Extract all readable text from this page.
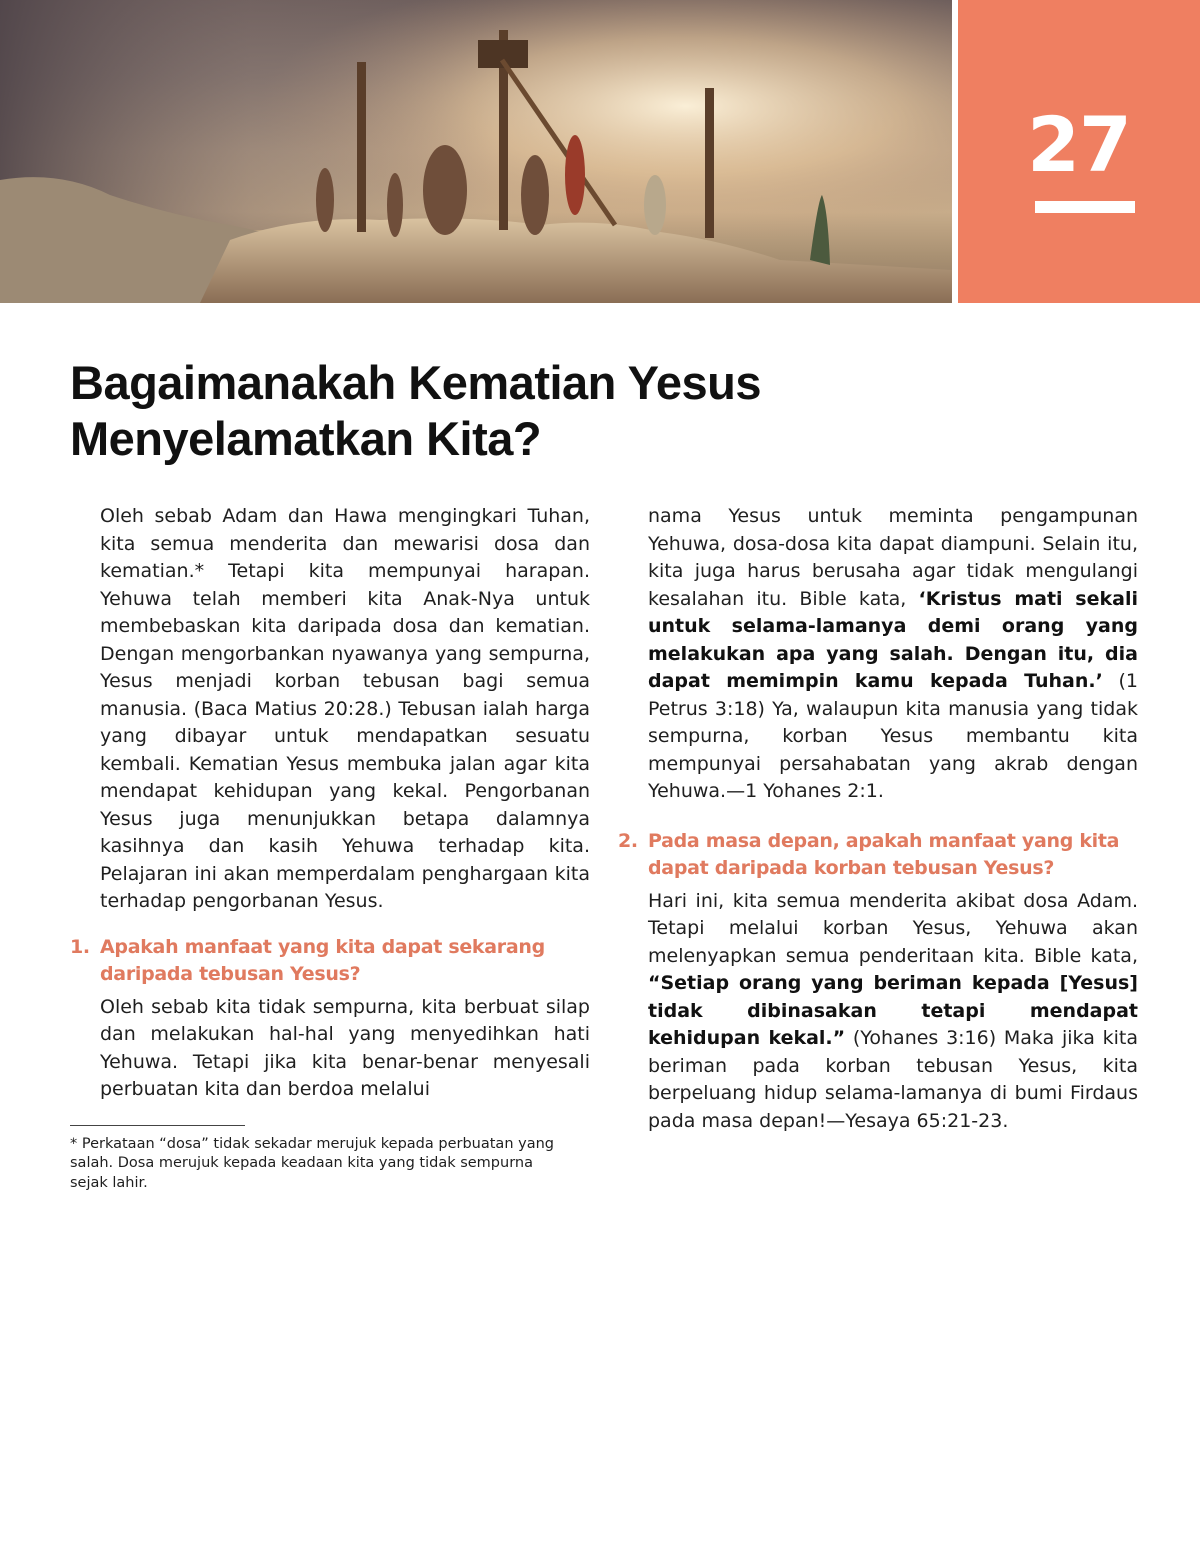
27
Bagaimanakah Kematian Yesus
Menyelamatkan Kita?

Oleh sebab Adam dan Hawa mengingkari Tuhan, kita semua menderita dan mewarisi dosa dan kematian.* Tetapi kita mempunyai harapan. Yehuwa telah memberi kita Anak-Nya untuk membebaskan kita daripada dosa dan kematian. Dengan mengorbankan nyawanya yang sempurna, Yesus menjadi korban tebusan bagi semua manusia. (Baca Matius 20:28.) Tebusan ialah harga yang dibayar untuk mendapatkan sesuatu kembali. Kematian Yesus membuka jalan agar kita mendapat kehidupan yang kekal. Pengorbanan Yesus juga menunjukkan betapa dalamnya kasihnya dan kasih Yehuwa terhadap kita. Pelajaran ini akan memperdalam penghargaan kita terhadap pengorbanan Yesus.

1. Apakah manfaat yang kita dapat sekarang daripada tebusan Yesus?

Oleh sebab kita tidak sempurna, kita berbuat silap dan melakukan hal-hal yang menyedihkan hati Yehuwa. Tetapi jika kita benar-benar menyesali perbuatan kita dan berdoa melalui

* Perkataan “dosa” tidak sekadar merujuk kepada perbuatan yang salah. Dosa merujuk kepada keadaan kita yang tidak sempurna sejak lahir.

nama Yesus untuk meminta pengampunan Yehuwa, dosa-dosa kita dapat diampuni. Selain itu, kita juga harus berusaha agar tidak mengulangi kesalahan itu. Bible kata, ‘Kristus mati sekali untuk selama-lamanya demi orang yang melakukan apa yang salah. Dengan itu, dia dapat memimpin kamu kepada Tuhan.’ (1 Petrus 3:18) Ya, walaupun kita manusia yang tidak sempurna, korban Yesus membantu kita mempunyai persahabatan yang akrab dengan Yehuwa.—1 Yohanes 2:1.

2. Pada masa depan, apakah manfaat yang kita dapat daripada korban tebusan Yesus?

Hari ini, kita semua menderita akibat dosa Adam. Tetapi melalui korban Yesus, Yehuwa akan melenyapkan semua penderitaan kita. Bible kata, “Setiap orang yang beriman kepada [Yesus] tidak dibinasakan tetapi mendapat kehidupan kekal.” (Yohanes 3:16) Maka jika kita beriman pada korban tebusan Yesus, kita berpeluang hidup selama-lamanya di bumi Firdaus pada masa depan!—Yesaya 65:21-23.
